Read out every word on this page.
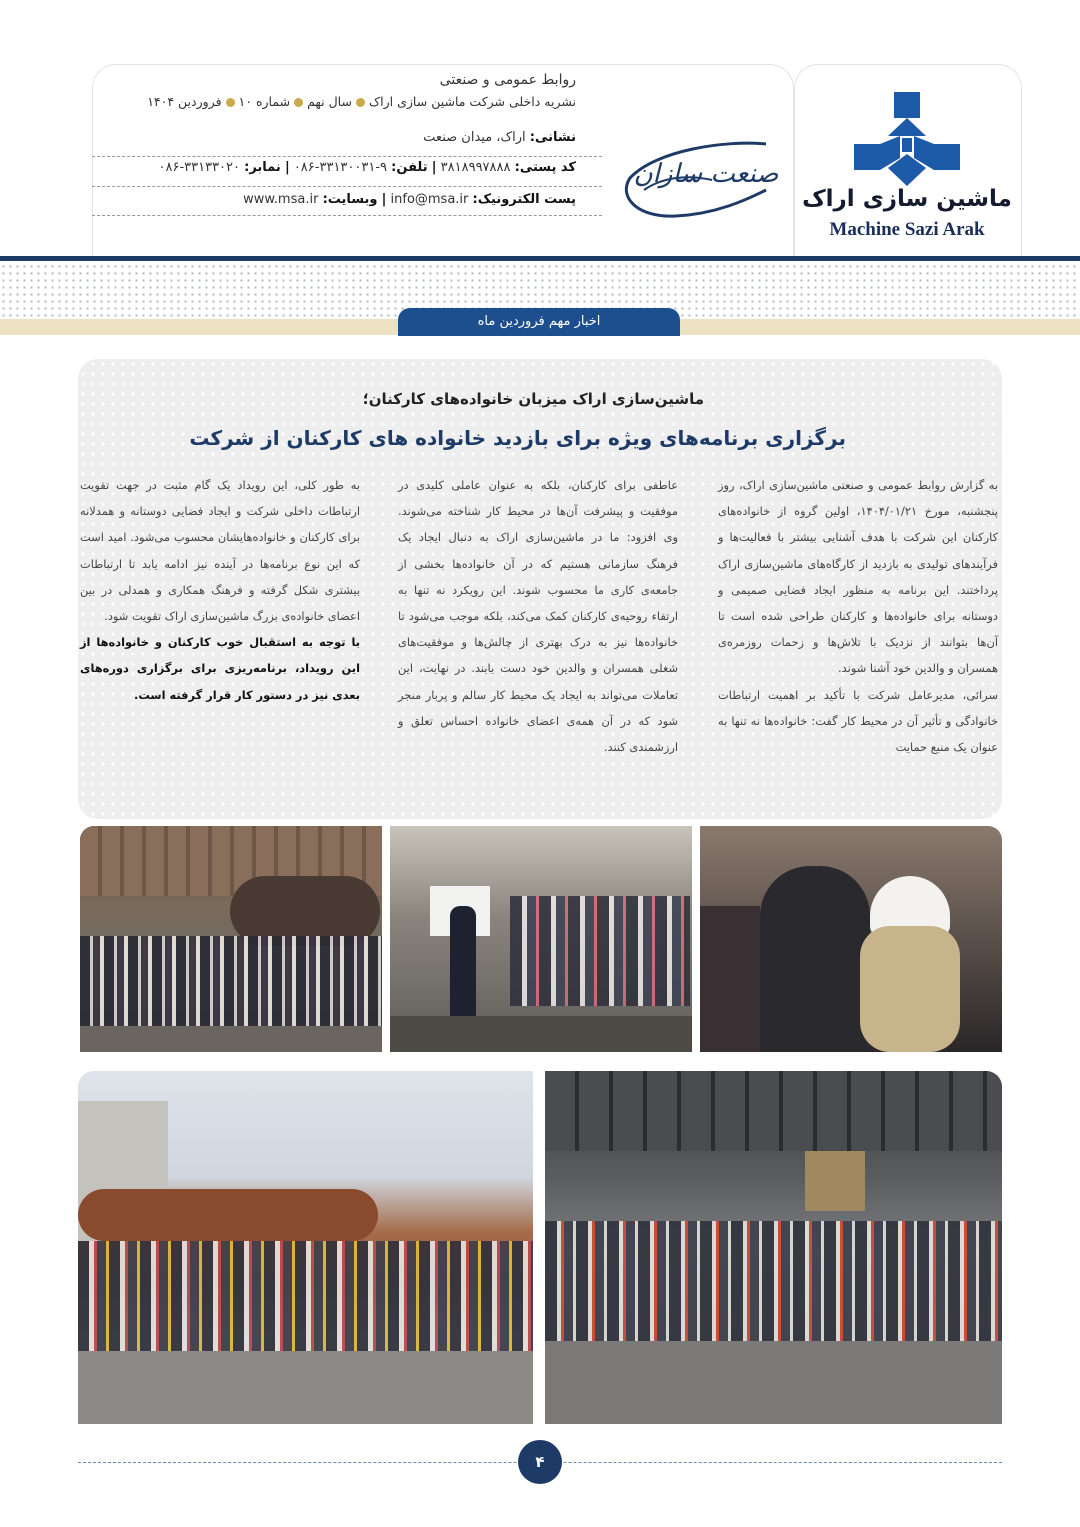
ماشین سازی اراک
Machine Sazi Arak
صنعت سازان
روابط عمومی و صنعتی
نشریه داخلی شرکت ماشین سازی اراکسال نهمشماره ۱۰فروردین ۱۴۰۴
نشانی: اراک، میدان صنعت
کد پستی: ۳۸۱۸۹۹۷۸۸۸ | تلفن: ۹-۳۳۱۳۰۰۳۱-۰۸۶ | نمابر: ۳۳۱۳۳۰۲۰-۰۸۶
پست الکترونیک: info@msa.ir | وبسایت: www.msa.ir
اخبار مهم فروردین ماه
ماشین‌سازی اراک میزبان خانواده‌های کارکنان؛
برگزاری برنامه‌های ویژه برای بازدید خانواده های کارکنان از شرکت

به گزارش روابط عمومی و صنعتی ماشین‌سازی اراک، روز پنجشنبه، مورخ ۱۴۰۴/۰۱/۲۱، اولین گروه از خانواده‌های کارکنان این شرکت با هدف آشنایی بیشتر با فعالیت‌ها و فرآیندهای تولیدی به بازدید از کارگاه‌های ماشین‌سازی اراک پرداختند. این برنامه به منظور ایجاد فضایی صمیمی و دوستانه برای خانواده‌ها و کارکنان طراحی شده است تا آن‌ها بتوانند از نزدیک با تلاش‌ها و زحمات روزمره‌ی همسران و والدین خود آشنا شوند.

سرائی، مدیرعامل شرکت با تأکید بر اهمیت ارتباطات خانوادگی و تأثیر آن در محیط کار گفت: خانواده‌ها نه تنها به عنوان یک منبع حمایت

عاطفی برای کارکنان، بلکه به عنوان عاملی کلیدی در موفقیت و پیشرفت آن‌ها در محیط کار شناخته می‌شوند. وی افزود: ما در ماشین‌سازی اراک به دنبال ایجاد یک فرهنگ سازمانی هستیم که در آن خانواده‌ها بخشی از جامعه‌ی کاری ما محسوب شوند. این رویکرد نه تنها به ارتقاء روحیه‌ی کارکنان کمک می‌کند، بلکه موجب می‌شود تا خانواده‌ها نیز به درک بهتری از چالش‌ها و موفقیت‌های شغلی همسران و والدین خود دست یابند. در نهایت، این تعاملات می‌تواند به ایجاد یک محیط کار سالم و پربار منجر شود که در آن همه‌ی اعضای خانواده احساس تعلق و ارزشمندی کنند.

به طور کلی، این رویداد یک گام مثبت در جهت تقویت ارتباطات داخلی شرکت و ایجاد فضایی دوستانه و همدلانه برای کارکنان و خانواده‌هایشان محسوب می‌شود. امید است که این نوع برنامه‌ها در آینده نیز ادامه یابد تا ارتباطات بیشتری شکل گرفته و فرهنگ همکاری و همدلی در بین اعضای خانواده‌ی بزرگ ماشین‌سازی اراک تقویت شود.

با توجه به استقبال خوب کارکنان و خانواده‌ها از این رویداد، برنامه‌ریزی برای برگزاری دوره‌های بعدی نیز در دستور کار قرار گرفته است.

۴
